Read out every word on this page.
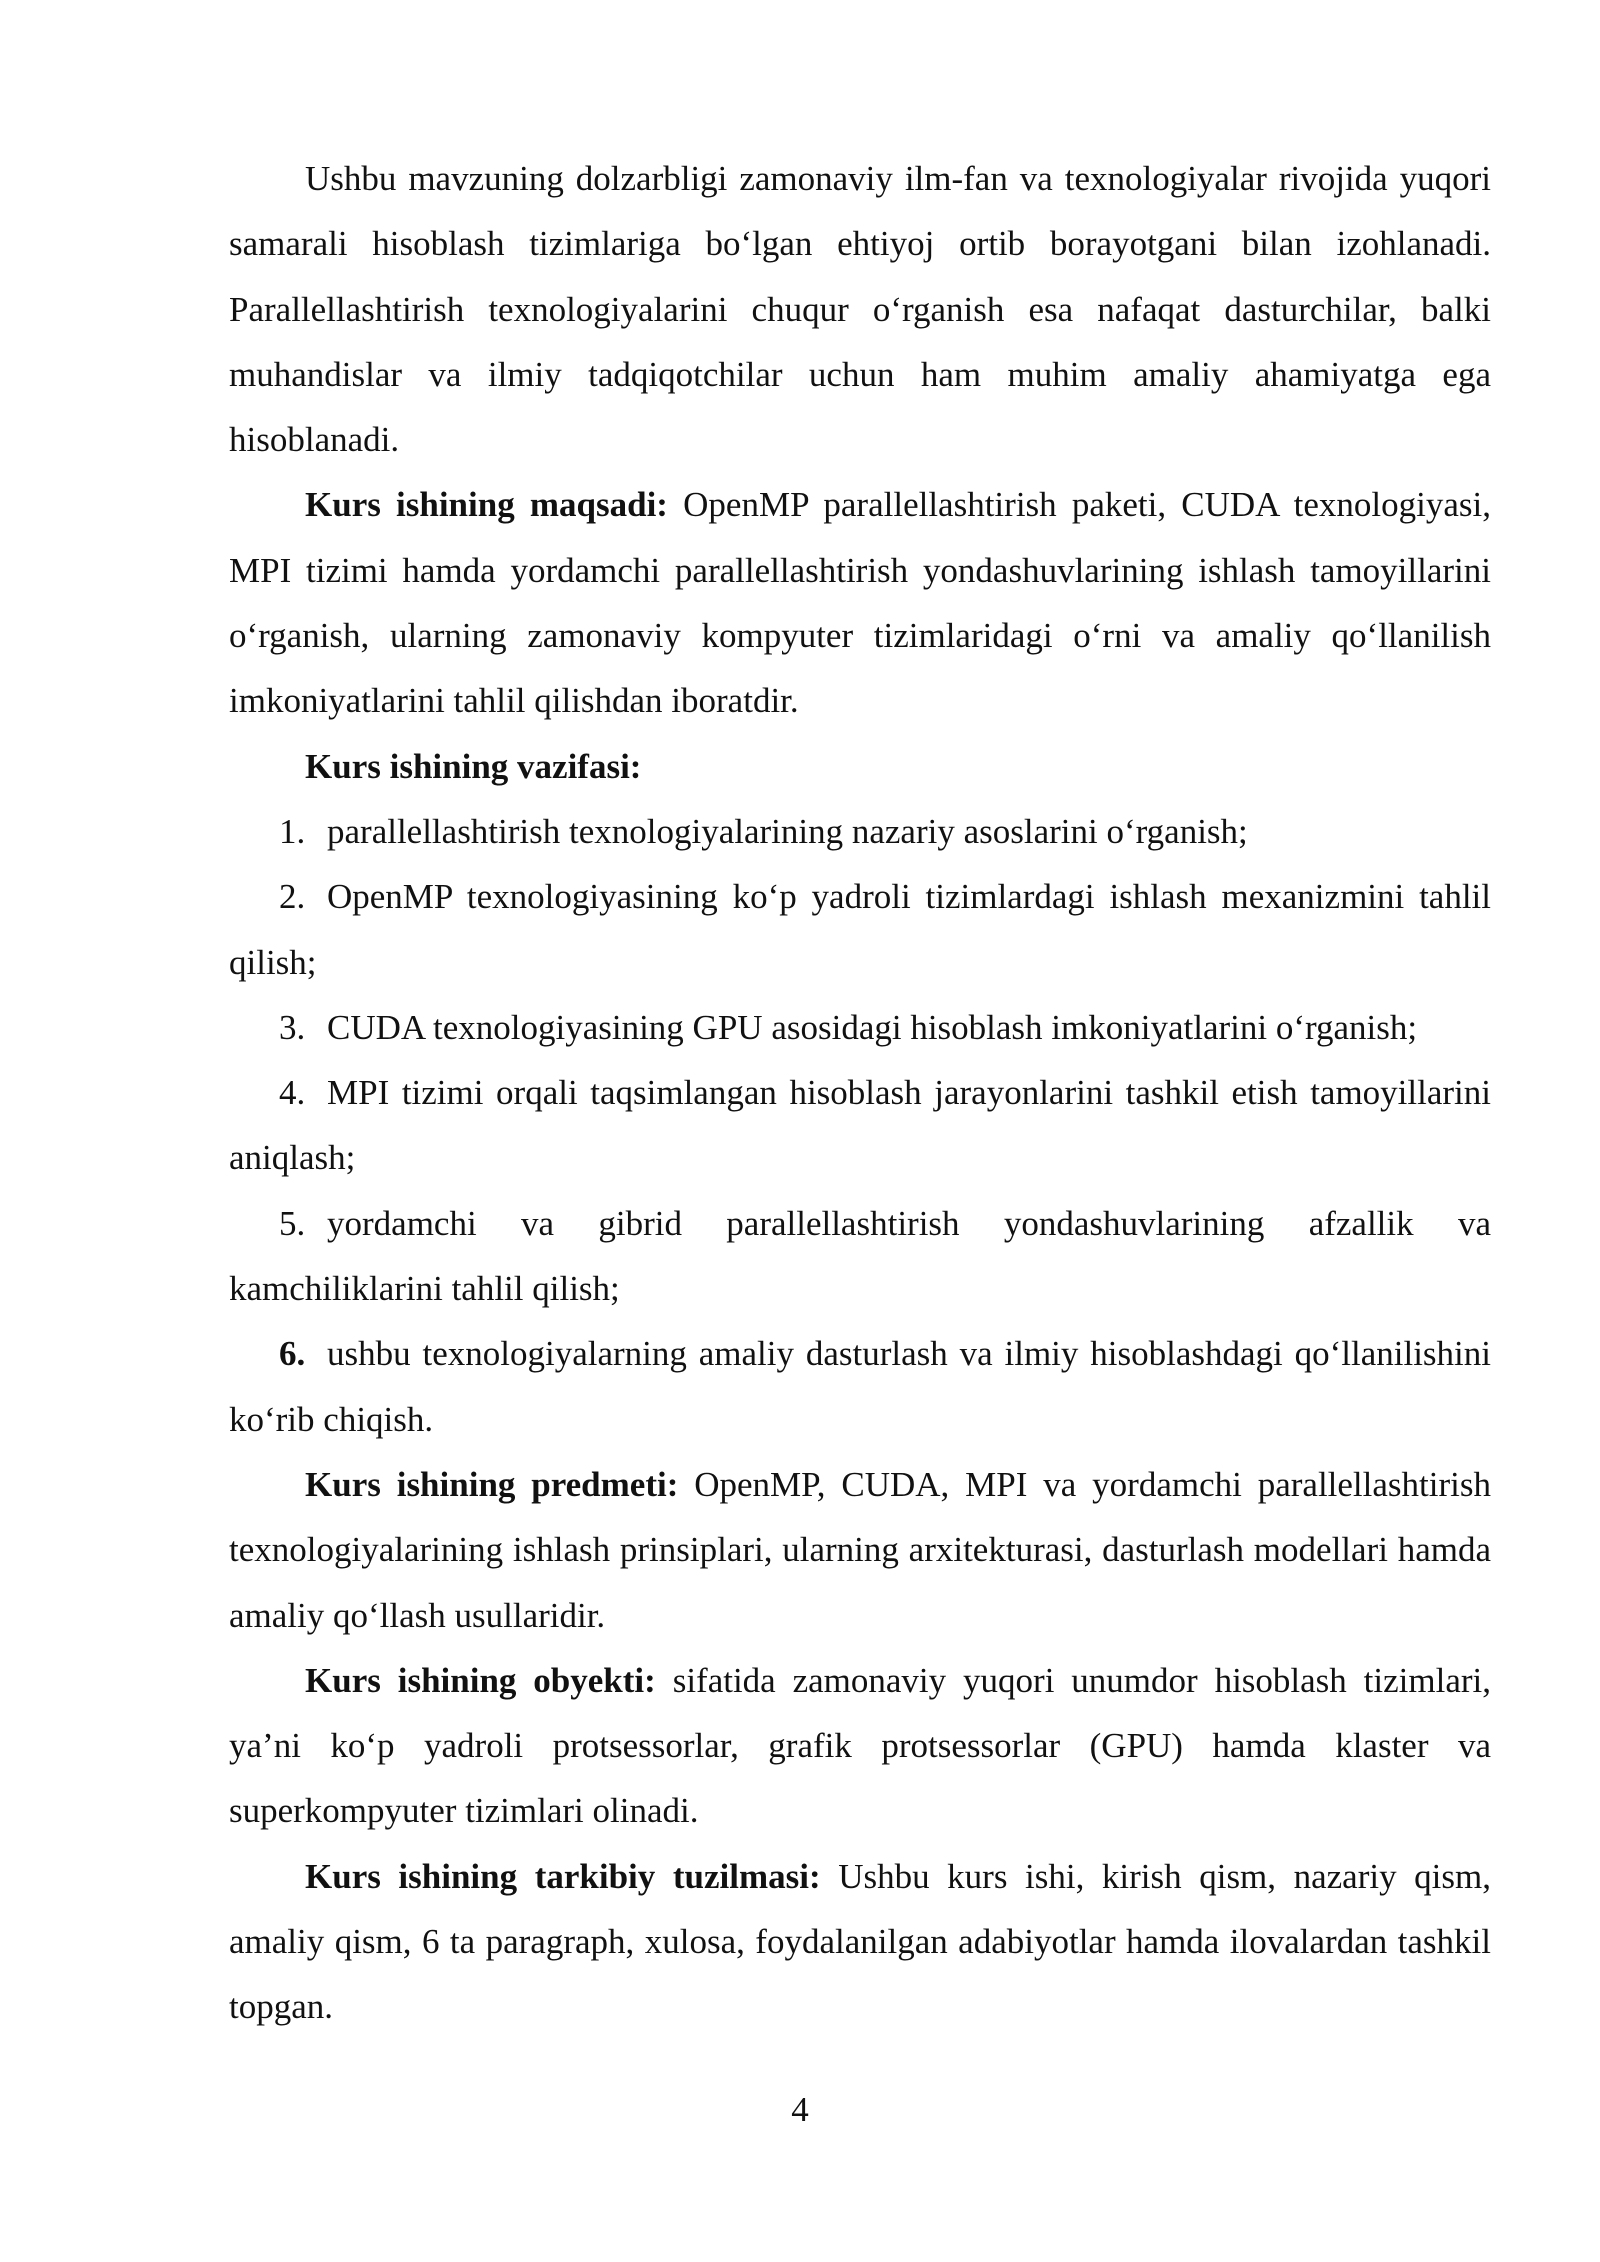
Ushbu mavzuning dolzarbligi zamonaviy ilm-fan va texnologiyalar rivojida yuqori samarali hisoblash tizimlariga boʻlgan ehtiyoj ortib borayotgani bilan izohlanadi. Parallellashtirish texnologiyalarini chuqur oʻrganish esa nafaqat dasturchilar, balki muhandislar va ilmiy tadqiqotchilar uchun ham muhim amaliy ahamiyatga ega hisoblanadi.

Kurs ishining maqsadi: OpenMP parallellashtirish paketi, CUDA texnologiyasi, MPI tizimi hamda yordamchi parallellashtirish yondashuvlarining ishlash tamoyillarini oʻrganish, ularning zamonaviy kompyuter tizimlaridagi oʻrni va amaliy qoʻllanilish imkoniyatlarini tahlil qilishdan iboratdir.

Kurs ishining vazifasi:

1. parallellashtirish texnologiyalarining nazariy asoslarini oʻrganish;

2. OpenMP texnologiyasining koʻp yadroli tizimlardagi ishlash mexanizmini tahlil qilish;

3. CUDA texnologiyasining GPU asosidagi hisoblash imkoniyatlarini oʻrganish;

4. MPI tizimi orqali taqsimlangan hisoblash jarayonlarini tashkil etish tamoyillarini aniqlash;

5. yordamchi va gibrid parallellashtirish yondashuvlarining afzallik va kamchiliklarini tahlil qilish;

6. ushbu texnologiyalarning amaliy dasturlash va ilmiy hisoblashdagi qoʻllanilishini koʻrib chiqish.

Kurs ishining predmeti: OpenMP, CUDA, MPI va yordamchi parallellashtirish texnologiyalarining ishlash prinsiplari, ularning arxitekturasi, dasturlash modellari hamda amaliy qoʻllash usullaridir.

Kurs ishining obyekti: sifatida zamonaviy yuqori unumdor hisoblash tizimlari, ya’ni koʻp yadroli protsessorlar, grafik protsessorlar (GPU) hamda klaster va superkompyuter tizimlari olinadi.

Kurs ishining tarkibiy tuzilmasi: Ushbu kurs ishi, kirish qism, nazariy qism, amaliy qism, 6 ta paragraph, xulosa, foydalanilgan adabiyotlar hamda ilovalardan tashkil topgan.

4
